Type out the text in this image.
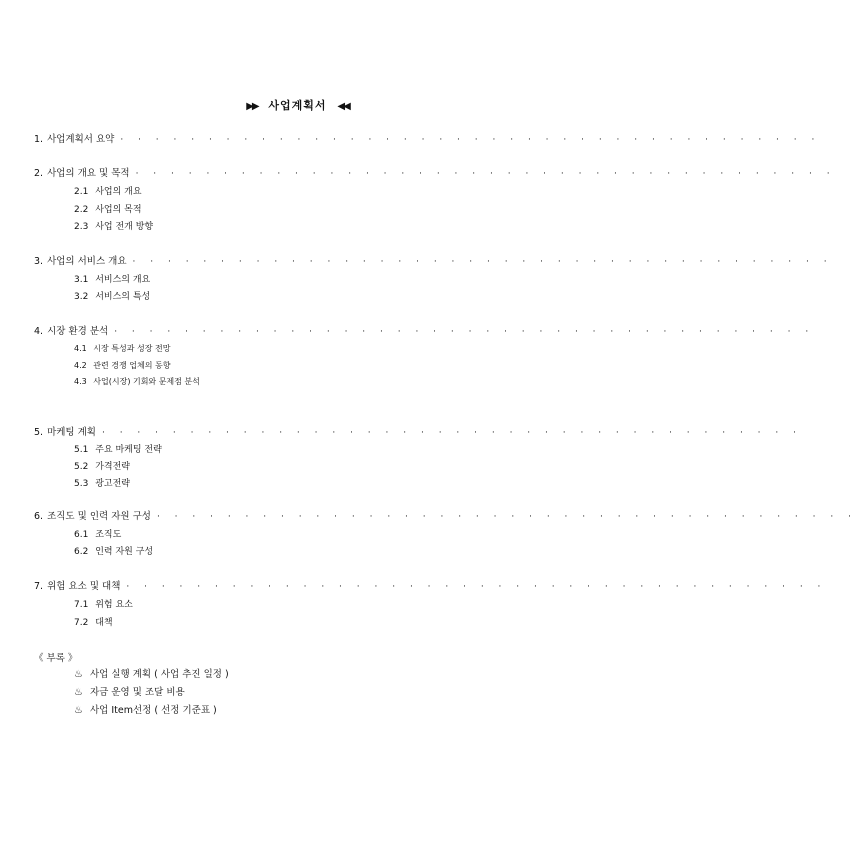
▶▶ 사업계획서 ◀◀
1. 사업계획서 요약 · · · · · · · · · · · · · · · · · · · · · · · · · · · · · · · · · · · · · · · ·
2. 사업의 개요 및 목적 · · · · · · · · · · · · · · · · · · · · · · · · · · · · · · · · · · · · · · · ·
2.1 사업의 개요
2.2 사업의 목적
2.3 사업 전개 방향
3. 사업의 서비스 개요 · · · · · · · · · · · · · · · · · · · · · · · · · · · · · · · · · · · · · · · ·
3.1 서비스의 개요
3.2 서비스의 특성
4. 시장 환경 분석 · · · · · · · · · · · · · · · · · · · · · · · · · · · · · · · · · · · · · · · ·
4.1 시장 특성과 성장 전망
4.2 관련 경쟁 업체의 동향
4.3 사업(시장) 기회와 문제점 분석
5. 마케팅 계획 · · · · · · · · · · · · · · · · · · · · · · · · · · · · · · · · · · · · · · · ·
5.1 주요 마케팅 전략
5.2 가격전략
5.3 광고전략
6. 조직도 및 인력 자원 구성 · · · · · · · · · · · · · · · · · · · · · · · · · · · · · · · · · · · · · · · ·
6.1 조직도
6.2 인력 자원 구성
7. 위험 요소 및 대책 · · · · · · · · · · · · · · · · · · · · · · · · · · · · · · · · · · · · · · · ·
7.1 위험 요소
7.2 대책
《 부록 》
♨ 사업 실행 계획 ( 사업 추진 일정 )
♨ 자금 운영 및 조달 비용
♨ 사업 Item선정 ( 선정 기준표 )
